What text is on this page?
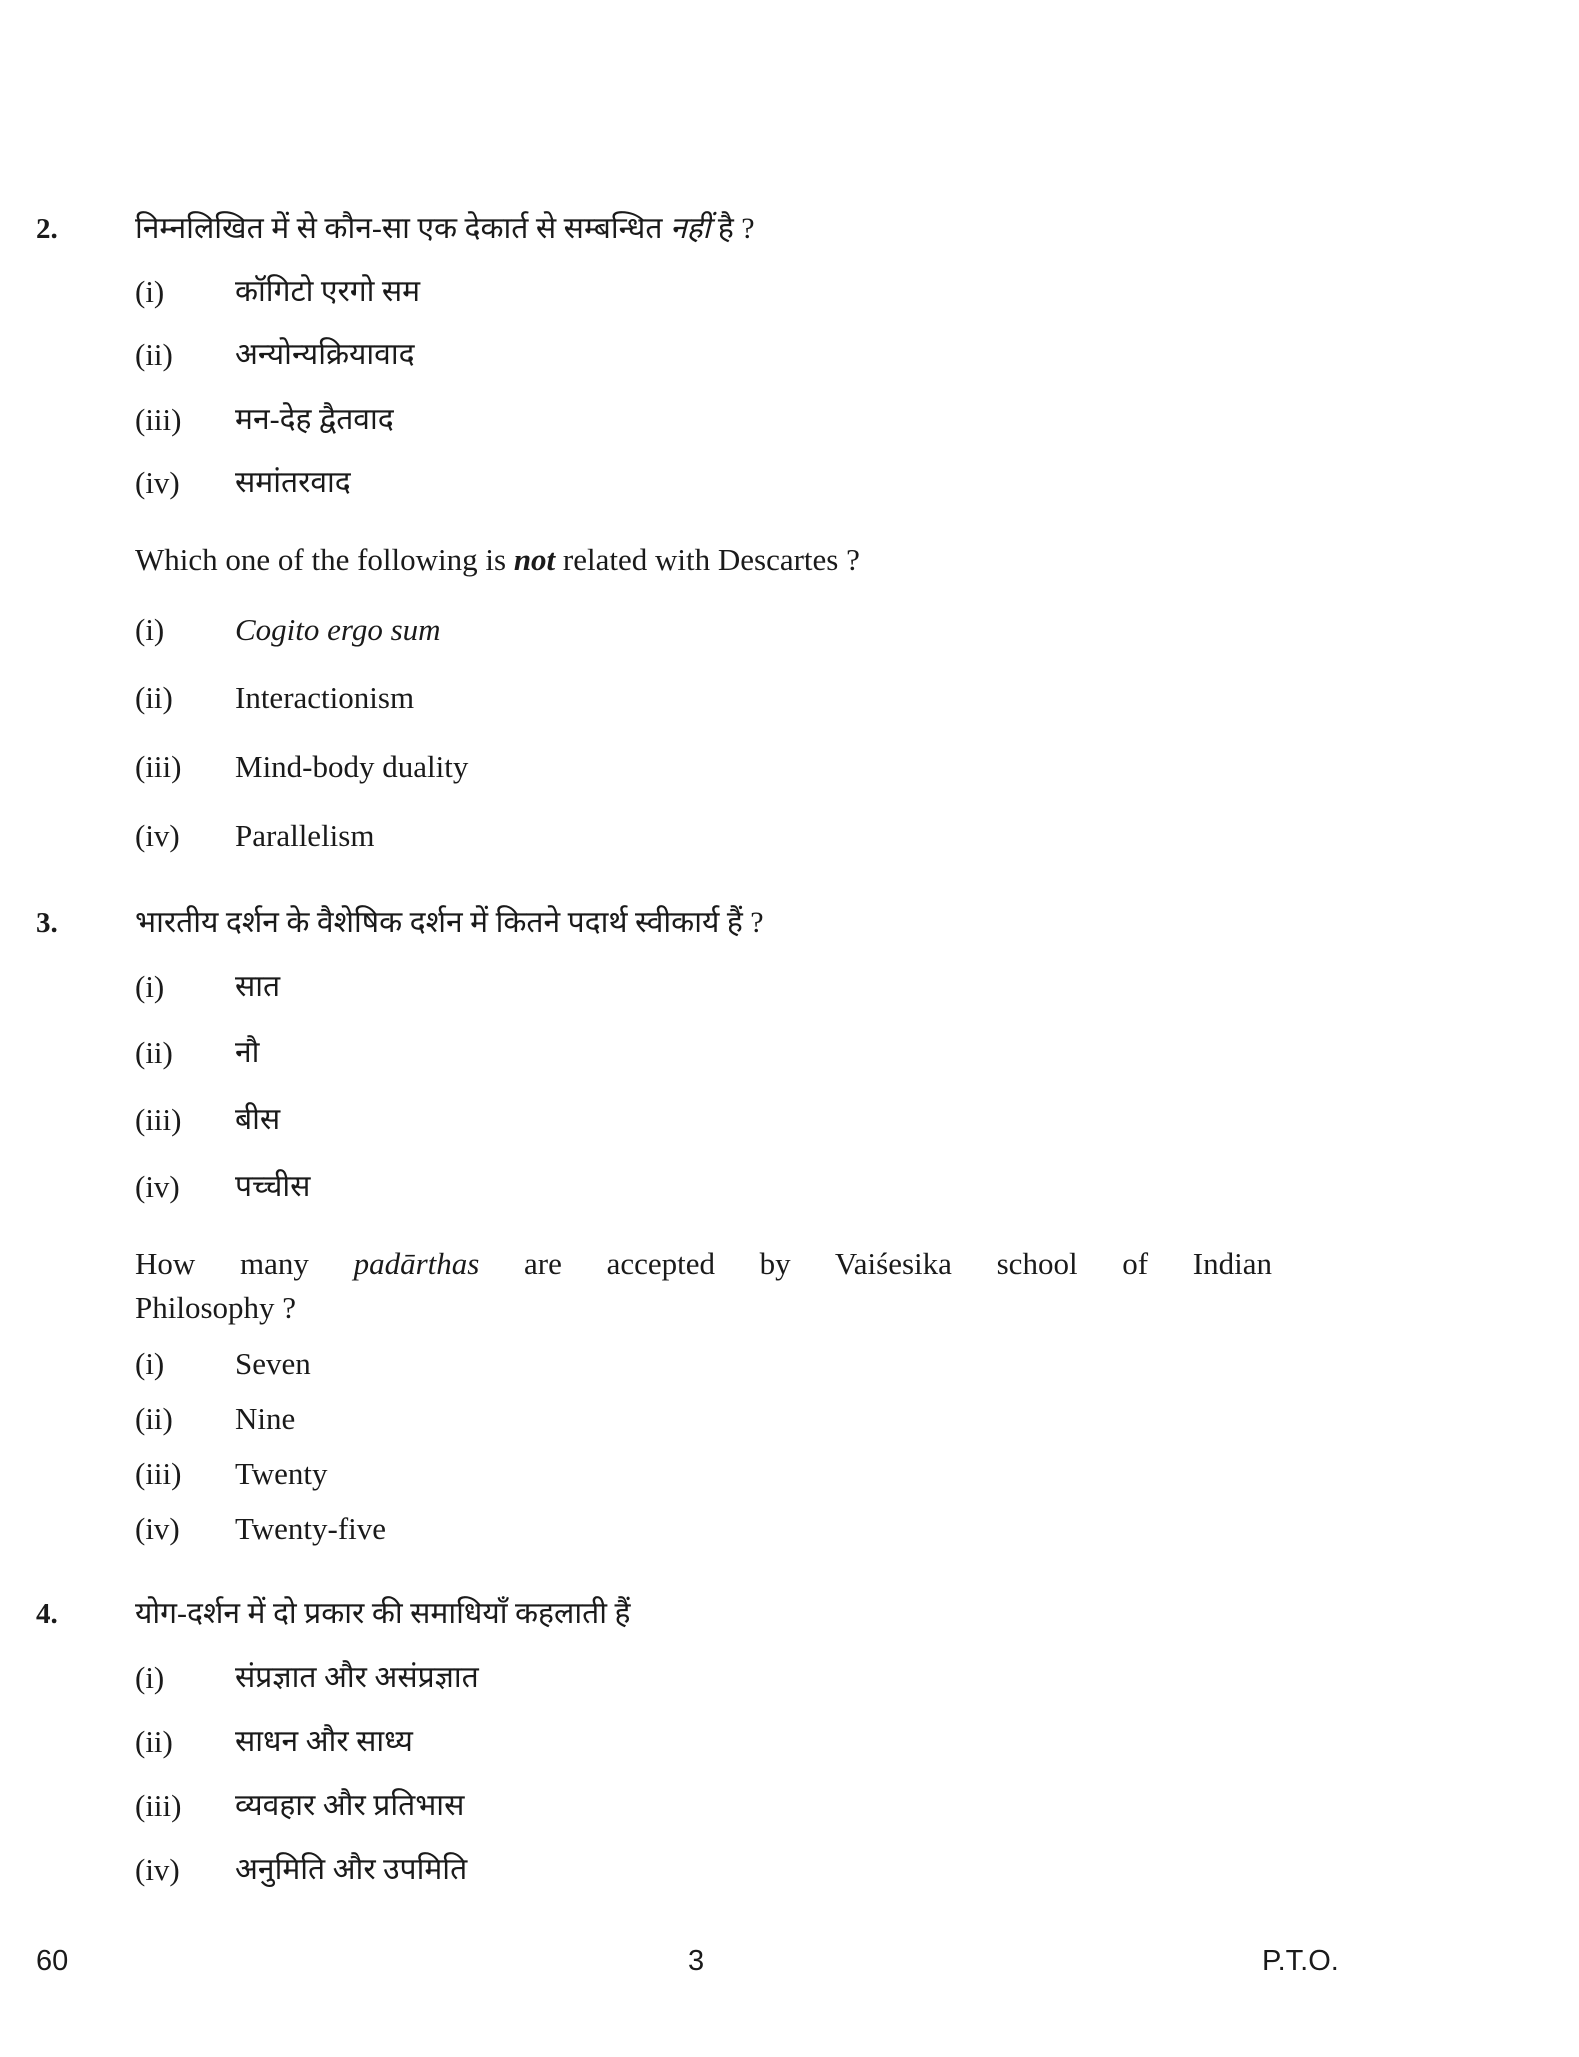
2.	निम्नलिखित में से कौन-सा एक देकार्त से सम्बन्धित नहीं है ?
(i) कॉगिटो एरगो सम
(ii) अन्योन्यक्रियावाद
(iii) मन-देह द्वैतवाद
(iv) समांतरवाद
Which one of the following is not related with Descartes ?
(i) Cogito ergo sum
(ii) Interactionism
(iii) Mind-body duality
(iv) Parallelism
3.	भारतीय दर्शन के वैशेषिक दर्शन में कितने पदार्थ स्वीकार्य हैं ?
(i) सात
(ii) नौ
(iii) बीस
(iv) पच्चीस
How many padārthas are accepted by Vaiśesika school of Indian
Philosophy ?
(i) Seven
(ii) Nine
(iii) Twenty
(iv) Twenty-five
4.	योग-दर्शन में दो प्रकार की समाधियाँ कहलाती हैं
(i) संप्रज्ञात और असंप्रज्ञात
(ii) साधन और साध्य
(iii) व्यवहार और प्रतिभास
(iv) अनुमिति और उपमिति
60	3	P.T.O.
